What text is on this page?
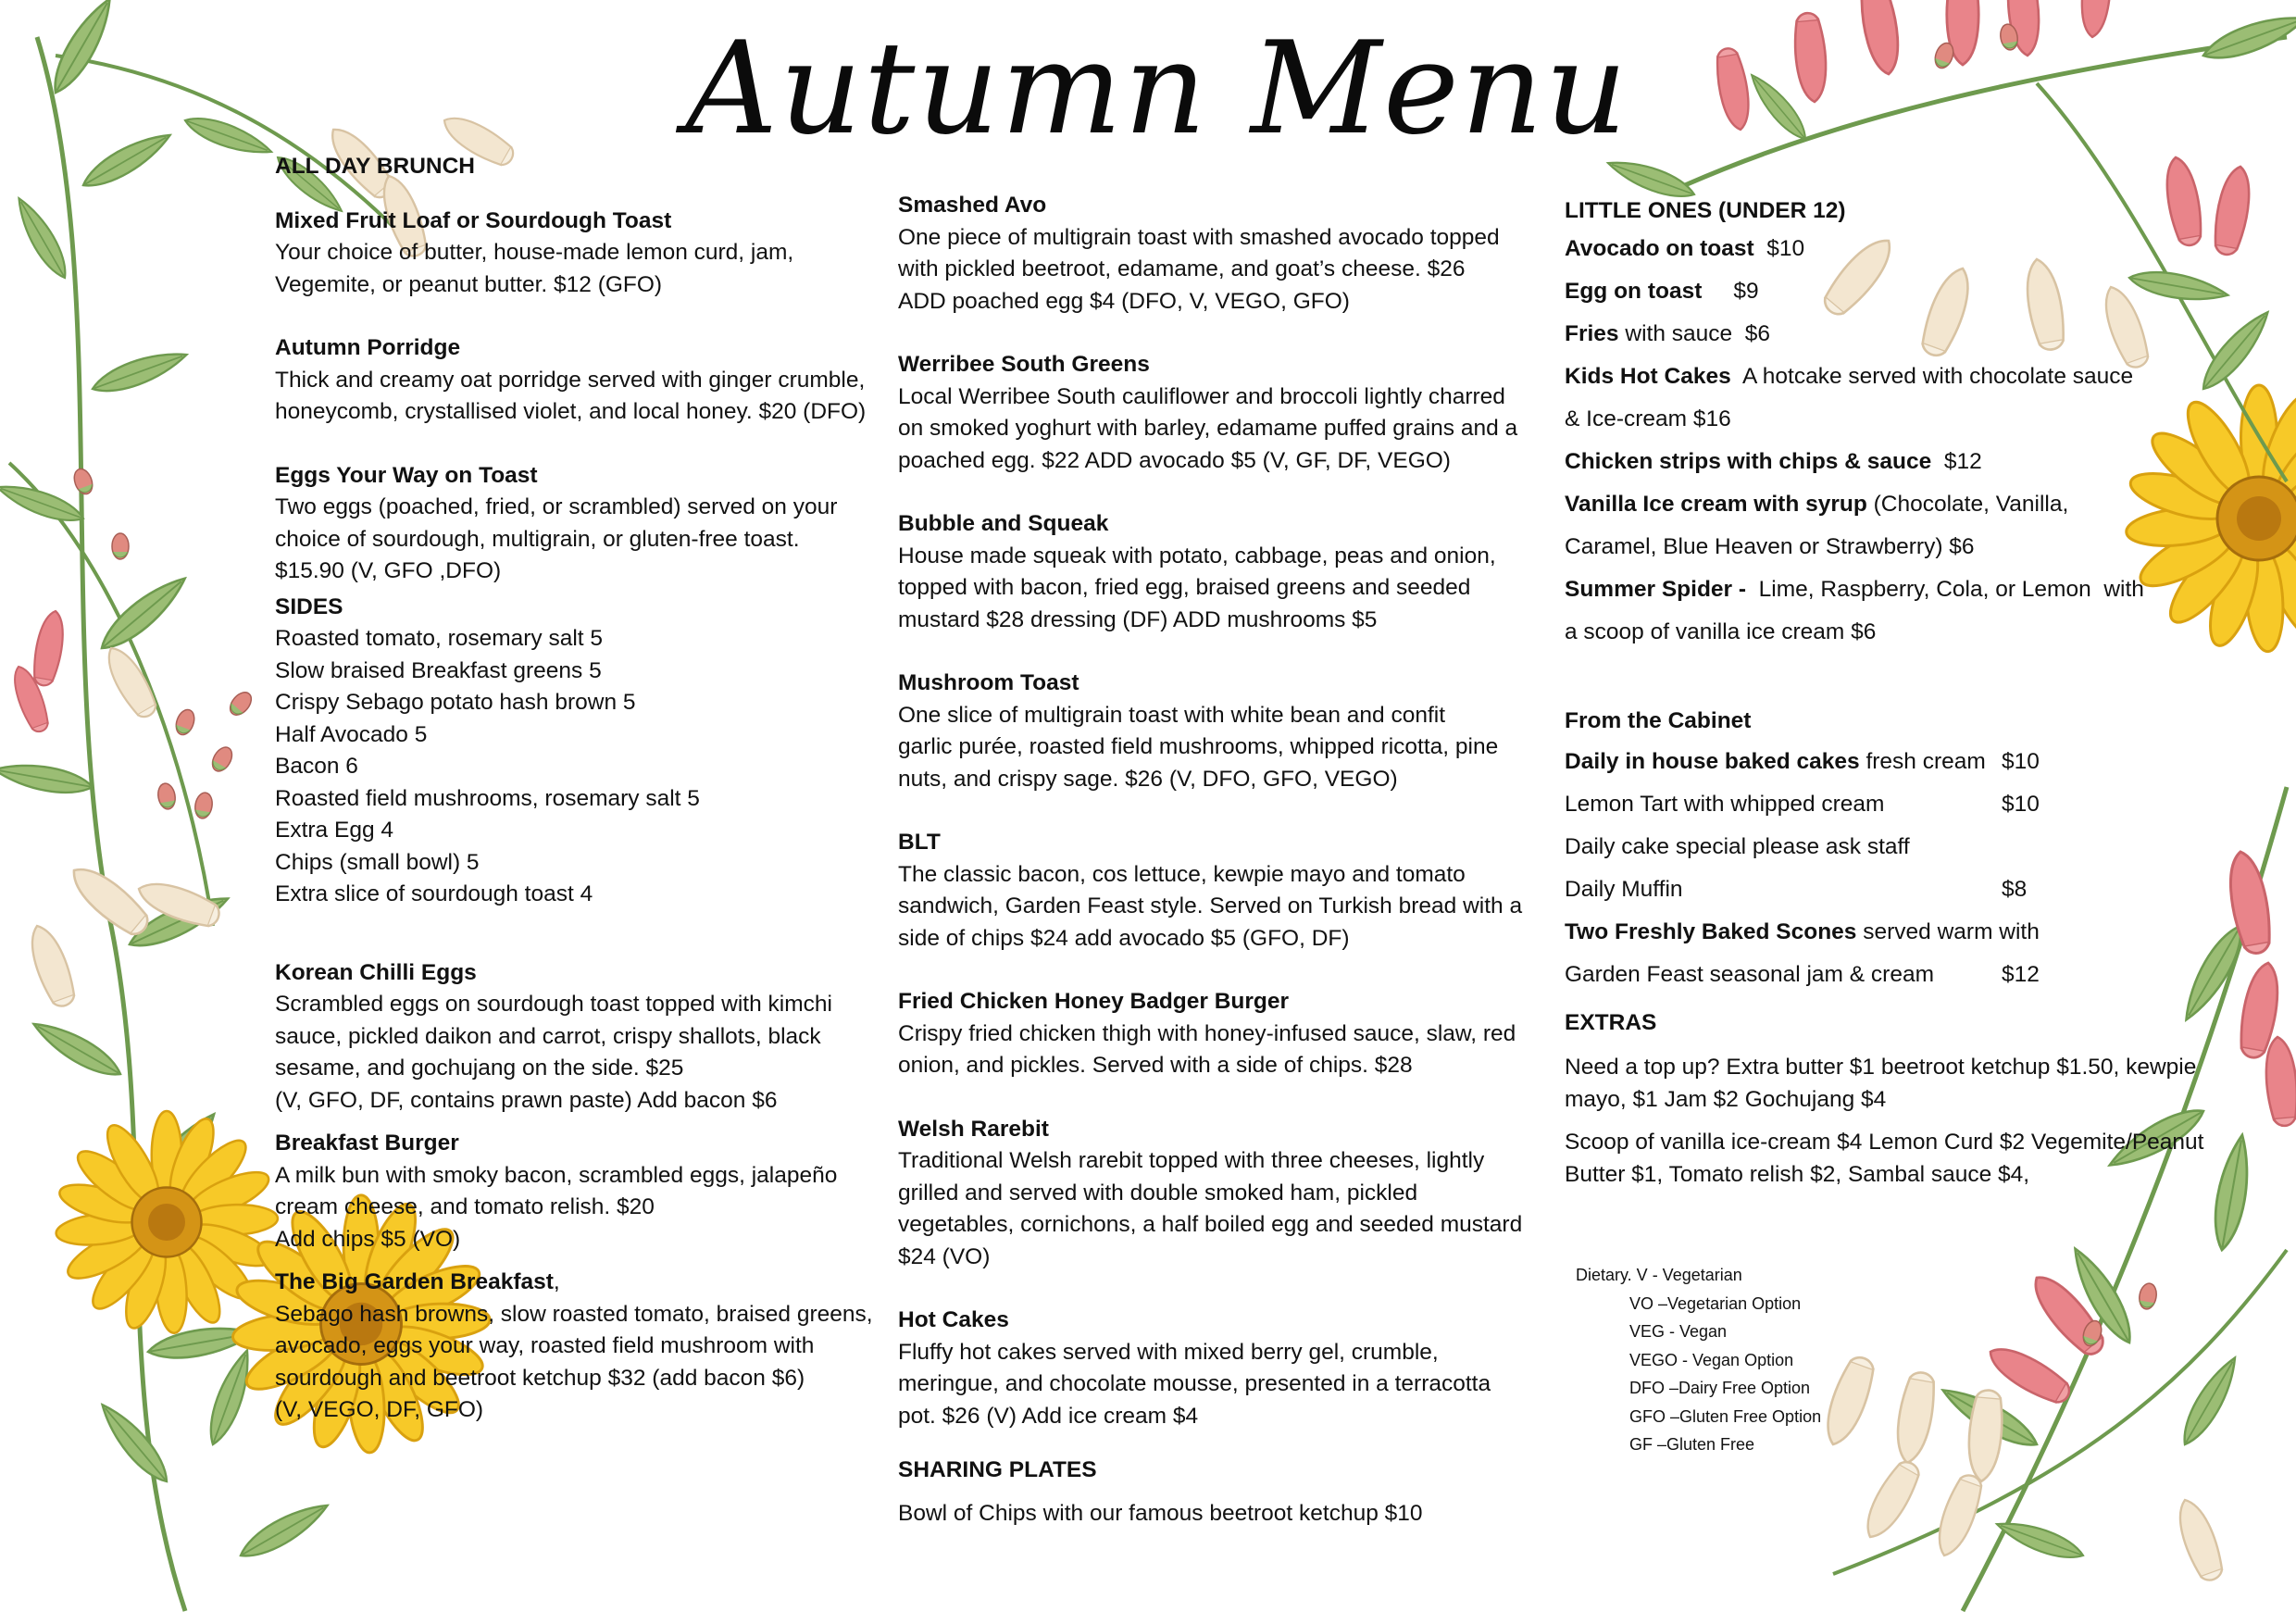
Autumn Menu
ALL DAY BRUNCH
Mixed Fruit Loaf or Sourdough Toast
Your choice of butter, house-made lemon curd, jam,
Vegemite, or peanut butter. $12 (GFO)
Autumn Porridge
Thick and creamy oat porridge served with ginger crumble,
honeycomb, crystallised violet, and local honey. $20 (DFO)
Eggs Your Way on Toast
Two eggs (poached, fried, or scrambled) served on your
choice of sourdough, multigrain, or gluten-free toast.
$15.90 (V, GFO ,DFO)
SIDES
Roasted tomato, rosemary salt 5
Slow braised Breakfast greens 5
Crispy Sebago potato hash brown 5
Half Avocado 5
Bacon 6
Roasted field mushrooms, rosemary salt 5
Extra Egg 4
Chips (small bowl) 5
Extra slice of sourdough toast 4
Korean Chilli Eggs
Scrambled eggs on sourdough toast topped with kimchi
sauce, pickled daikon and carrot, crispy shallots, black
sesame, and gochujang on the side. $25
(V, GFO, DF, contains prawn paste) Add bacon $6
Breakfast Burger
A milk bun with smoky bacon, scrambled eggs, jalapeño
cream cheese, and tomato relish. $20
Add chips $5 (VO)
The Big Garden Breakfast,
Sebago hash browns, slow roasted tomato, braised greens,
avocado, eggs your way, roasted field mushroom with
sourdough and beetroot ketchup $32 (add bacon $6)
(V, VEGO, DF, GFO)
Smashed Avo
One piece of multigrain toast with smashed avocado topped
with pickled beetroot, edamame, and goat’s cheese. $26
ADD poached egg $4 (DFO, V, VEGO, GFO)
Werribee South Greens
Local Werribee South cauliflower and broccoli lightly charred
on smoked yoghurt with barley, edamame puffed grains and a
poached egg. $22 ADD avocado $5 (V, GF, DF, VEGO)
Bubble and Squeak
House made squeak with potato, cabbage, peas and onion,
topped with bacon, fried egg, braised greens and seeded
mustard $28 dressing (DF) ADD mushrooms $5
Mushroom Toast
One slice of multigrain toast with white bean and confit
garlic purée, roasted field mushrooms, whipped ricotta, pine
nuts, and crispy sage. $26 (V, DFO, GFO, VEGO)
BLT
The classic bacon, cos lettuce, kewpie mayo and tomato
sandwich, Garden Feast style. Served on Turkish bread with a
side of chips $24 add avocado $5 (GFO, DF)
Fried Chicken Honey Badger Burger
Crispy fried chicken thigh with honey-infused sauce, slaw, red
onion, and pickles. Served with a side of chips. $28
Welsh Rarebit
Traditional Welsh rarebit topped with three cheeses, lightly
grilled and served with double smoked ham, pickled
vegetables, cornichons, a half boiled egg and seeded mustard
$24 (VO)
Hot Cakes
Fluffy hot cakes served with mixed berry gel, crumble,
meringue, and chocolate mousse, presented in a terracotta
pot. $26 (V) Add ice cream $4
SHARING PLATES
Bowl of Chips with our famous beetroot ketchup $10
LITTLE ONES (UNDER 12)
Avocado on toast  $10
Egg on toast     $9
Fries with sauce  $6
Kids Hot Cakes  A hotcake served with chocolate sauce
& Ice-cream $16
Chicken strips with chips & sauce  $12
Vanilla Ice cream with syrup (Chocolate, Vanilla,
Caramel, Blue Heaven or Strawberry) $6
Summer Spider -  Lime, Raspberry, Cola, or Lemon  with
a scoop of vanilla ice cream $6
From the Cabinet
Daily in house baked cakes fresh cream $10
Lemon Tart with whipped cream	$10
Daily cake special please ask staff
Daily Muffin	$8
Two Freshly Baked Scones served warm with
Garden Feast seasonal jam & cream	$12
EXTRAS
Need a top up? Extra butter $1 beetroot ketchup $1.50, kewpie
mayo, $1 Jam $2 Gochujang $4
Scoop of vanilla ice-cream $4 Lemon Curd $2 Vegemite/Peanut
Butter $1, Tomato relish $2, Sambal sauce $4,
Dietary. V - Vegetarian
VO –Vegetarian Option
VEG - Vegan
VEGO - Vegan Option
DFO –Dairy Free Option
GFO –Gluten Free Option
GF –Gluten Free
